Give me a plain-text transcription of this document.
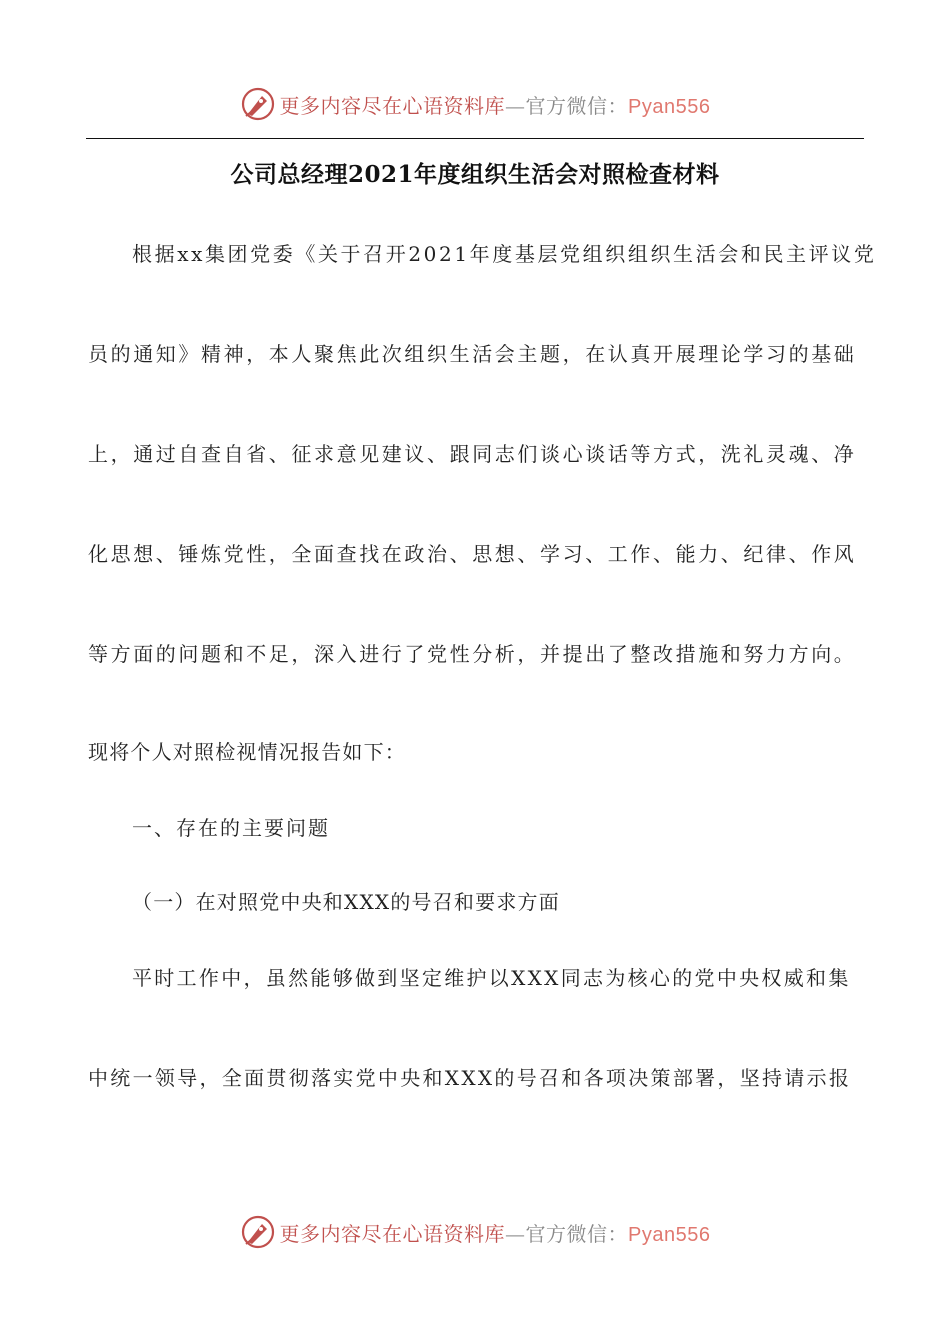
更多内容尽在心语资料库—官方微信：Pyan556
公司总经理2021年度组织生活会对照检查材料
根据xx集团党委《关于召开2021年度基层党组织组织生活会和民主评议党
员的通知》精神，本人聚焦此次组织生活会主题，在认真开展理论学习的基础
上，通过自查自省、征求意见建议、跟同志们谈心谈话等方式，洗礼灵魂、净
化思想、锤炼党性，全面查找在政治、思想、学习、工作、能力、纪律、作风
等方面的问题和不足，深入进行了党性分析，并提出了整改措施和努力方向。
现将个人对照检视情况报告如下：
一、存在的主要问题
（一）在对照党中央和XXX的号召和要求方面
平时工作中，虽然能够做到坚定维护以XXX同志为核心的党中央权威和集
中统一领导，全面贯彻落实党中央和XXX的号召和各项决策部署，坚持请示报
更多内容尽在心语资料库—官方微信：Pyan556
